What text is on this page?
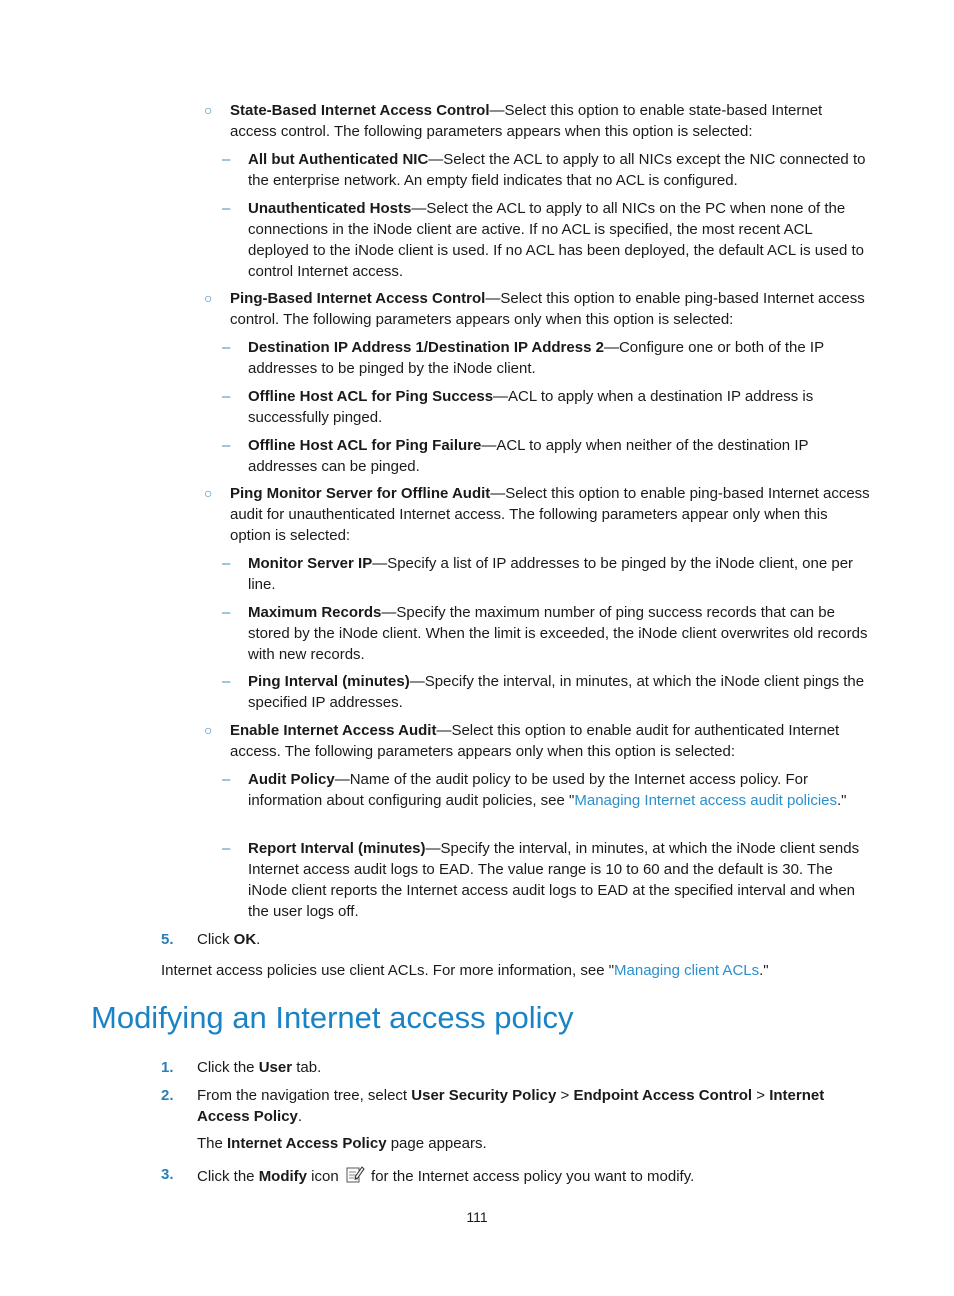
○ State-Based Internet Access Control—Select this option to enable state-based Internet access control. The following parameters appears when this option is selected:
– All but Authenticated NIC—Select the ACL to apply to all NICs except the NIC connected to the enterprise network. An empty field indicates that no ACL is configured.
– Unauthenticated Hosts—Select the ACL to apply to all NICs on the PC when none of the connections in the iNode client are active. If no ACL is specified, the most recent ACL deployed to the iNode client is used. If no ACL has been deployed, the default ACL is used to control Internet access.
○ Ping-Based Internet Access Control—Select this option to enable ping-based Internet access control. The following parameters appears only when this option is selected:
– Destination IP Address 1/Destination IP Address 2—Configure one or both of the IP addresses to be pinged by the iNode client.
– Offline Host ACL for Ping Success—ACL to apply when a destination IP address is successfully pinged.
– Offline Host ACL for Ping Failure—ACL to apply when neither of the destination IP addresses can be pinged.
○ Ping Monitor Server for Offline Audit—Select this option to enable ping-based Internet access audit for unauthenticated Internet access. The following parameters appear only when this option is selected:
– Monitor Server IP—Specify a list of IP addresses to be pinged by the iNode client, one per line.
– Maximum Records—Specify the maximum number of ping success records that can be stored by the iNode client. When the limit is exceeded, the iNode client overwrites old records with new records.
– Ping Interval (minutes)—Specify the interval, in minutes, at which the iNode client pings the specified IP addresses.
○ Enable Internet Access Audit—Select this option to enable audit for authenticated Internet access. The following parameters appears only when this option is selected:
– Audit Policy—Name of the audit policy to be used by the Internet access policy. For information about configuring audit policies, see "Managing Internet access audit policies."
– Report Interval (minutes)—Specify the interval, in minutes, at which the iNode client sends Internet access audit logs to EAD. The value range is 10 to 60 and the default is 30. The iNode client reports the Internet access audit logs to EAD at the specified interval and when the user logs off.
5. Click OK.
Internet access policies use client ACLs. For more information, see "Managing client ACLs."
Modifying an Internet access policy
1. Click the User tab.
2. From the navigation tree, select User Security Policy > Endpoint Access Control > Internet Access Policy.
The Internet Access Policy page appears.
3. Click the Modify icon  for the Internet access policy you want to modify.
111
